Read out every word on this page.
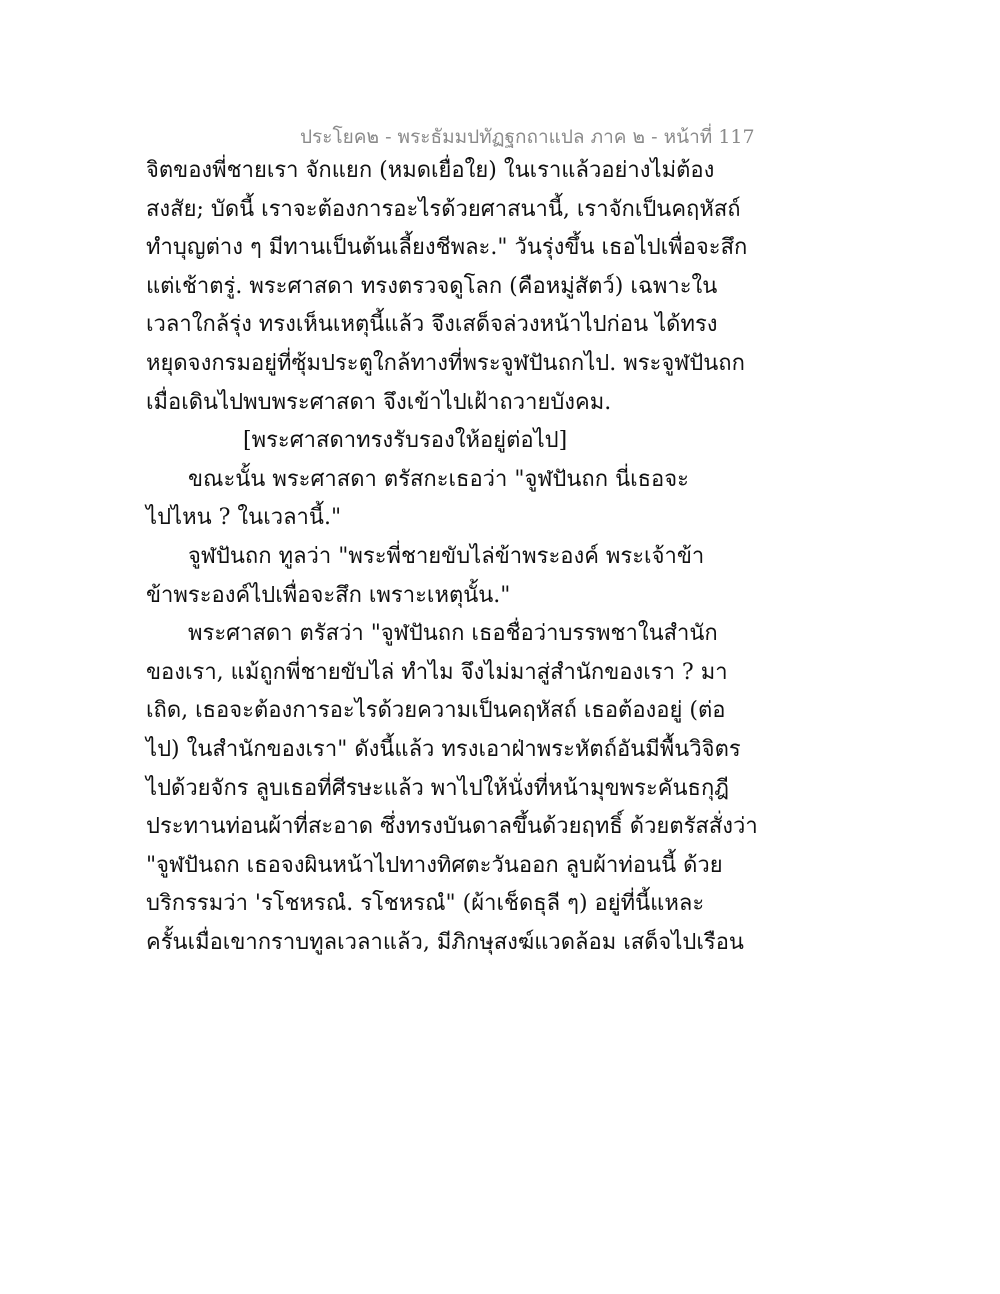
ประโยค๒ - พระธัมมปทัฏฐกถาแปล ภาค ๒ - หน้าที่ 117
จิตของพี่ชายเรา จักแยก (หมดเยื่อใย) ในเราแล้วอย่างไม่ต้อง
สงสัย; บัดนี้ เราจะต้องการอะไรด้วยศาสนานี้, เราจักเป็นคฤหัสถ์
ทำบุญต่าง ๆ มีทานเป็นต้นเลี้ยงชีพละ." วันรุ่งขึ้น เธอไปเพื่อจะสึก
แต่เช้าตรู่. พระศาสดา ทรงตรวจดูโลก (คือหมู่สัตว์) เฉพาะใน
เวลาใกล้รุ่ง ทรงเห็นเหตุนี้แล้ว จึงเสด็จล่วงหน้าไปก่อน ได้ทรง
หยุดจงกรมอยู่ที่ซุ้มประตูใกล้ทางที่พระจูฬปันถกไป. พระจูฬปันถก
เมื่อเดินไปพบพระศาสดา จึงเข้าไปเฝ้าถวายบังคม.
[พระศาสดาทรงรับรองให้อยู่ต่อไป]
ขณะนั้น พระศาสดา ตรัสกะเธอว่า "จูฬปันถก นี่เธอจะ
ไปไหน ? ในเวลานี้."
จูฬปันถก ทูลว่า "พระพี่ชายขับไล่ข้าพระองค์ พระเจ้าข้า
ข้าพระองค์ไปเพื่อจะสึก เพราะเหตุนั้น."
พระศาสดา ตรัสว่า "จูฬปันถก เธอชื่อว่าบรรพชาในสำนัก
ของเรา, แม้ถูกพี่ชายขับไล่ ทำไม จึงไม่มาสู่สำนักของเรา ? มา
เถิด, เธอจะต้องการอะไรด้วยความเป็นคฤหัสถ์ เธอต้องอยู่ (ต่อ
ไป) ในสำนักของเรา" ดังนี้แล้ว ทรงเอาฝ่าพระหัตถ์อันมีพื้นวิจิตร
ไปด้วยจักร ลูบเธอที่ศีรษะแล้ว พาไปให้นั่งที่หน้ามุขพระคันธกุฎี
ประทานท่อนผ้าที่สะอาด ซึ่งทรงบันดาลขึ้นด้วยฤทธิ์ ด้วยตรัสสั่งว่า
"จูฬปันถก เธอจงผินหน้าไปทางทิศตะวันออก ลูบผ้าท่อนนี้ ด้วย
บริกรรมว่า 'รโชหรณํ. รโชหรณํ" (ผ้าเช็ดธุลี ๆ) อยู่ที่นี้แหละ
ครั้นเมื่อเขากราบทูลเวลาแล้ว, มีภิกษุสงฆ์แวดล้อม เสด็จไปเรือน
